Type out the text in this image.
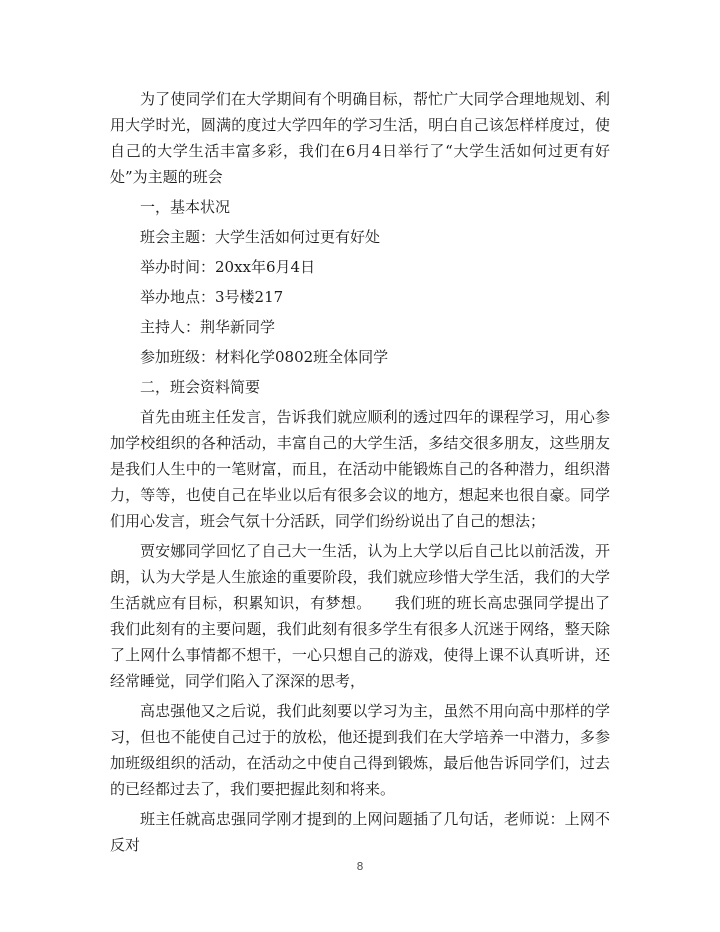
为了使同学们在大学期间有个明确目标，帮忙广大同学合理地规划、利用大学时光，圆满的度过大学四年的学习生活，明白自己该怎样样度过，使自己的大学生活丰富多彩，我们在6月4日举行了“大学生活如何过更有好处”为主题的班会

一，基本状况

班会主题：大学生活如何过更有好处

举办时间：20xx年6月4日

举办地点：3号楼217

主持人：荆华新同学

参加班级：材料化学0802班全体同学

二，班会资料简要

首先由班主任发言，告诉我们就应顺利的透过四年的课程学习，用心参加学校组织的各种活动，丰富自己的大学生活，多结交很多朋友，这些朋友是我们人生中的一笔财富，而且，在活动中能锻炼自己的各种潜力，组织潜力，等等，也使自己在毕业以后有很多会议的地方，想起来也很自豪。同学们用心发言，班会气氛十分活跃，同学们纷纷说出了自己的想法；

贾安娜同学回忆了自己大一生活，认为上大学以后自己比以前活泼，开朗，认为大学是人生旅途的重要阶段，我们就应珍惜大学生活，我们的大学生活就应有目标，积累知识，有梦想。　　我们班的班长高忠强同学提出了我们此刻有的主要问题，我们此刻有很多学生有很多人沉迷于网络，整天除了上网什么事情都不想干，一心只想自己的游戏，使得上课不认真听讲，还经常睡觉，同学们陷入了深深的思考，

高忠强他又之后说，我们此刻要以学习为主，虽然不用向高中那样的学习，但也不能使自己过于的放松，他还提到我们在大学培养一中潜力，多参加班级组织的活动，在活动之中使自己得到锻炼，最后他告诉同学们，过去的已经都过去了，我们要把握此刻和将来。

班主任就高忠强同学刚才提到的上网问题插了几句话，老师说：上网不反对

8
